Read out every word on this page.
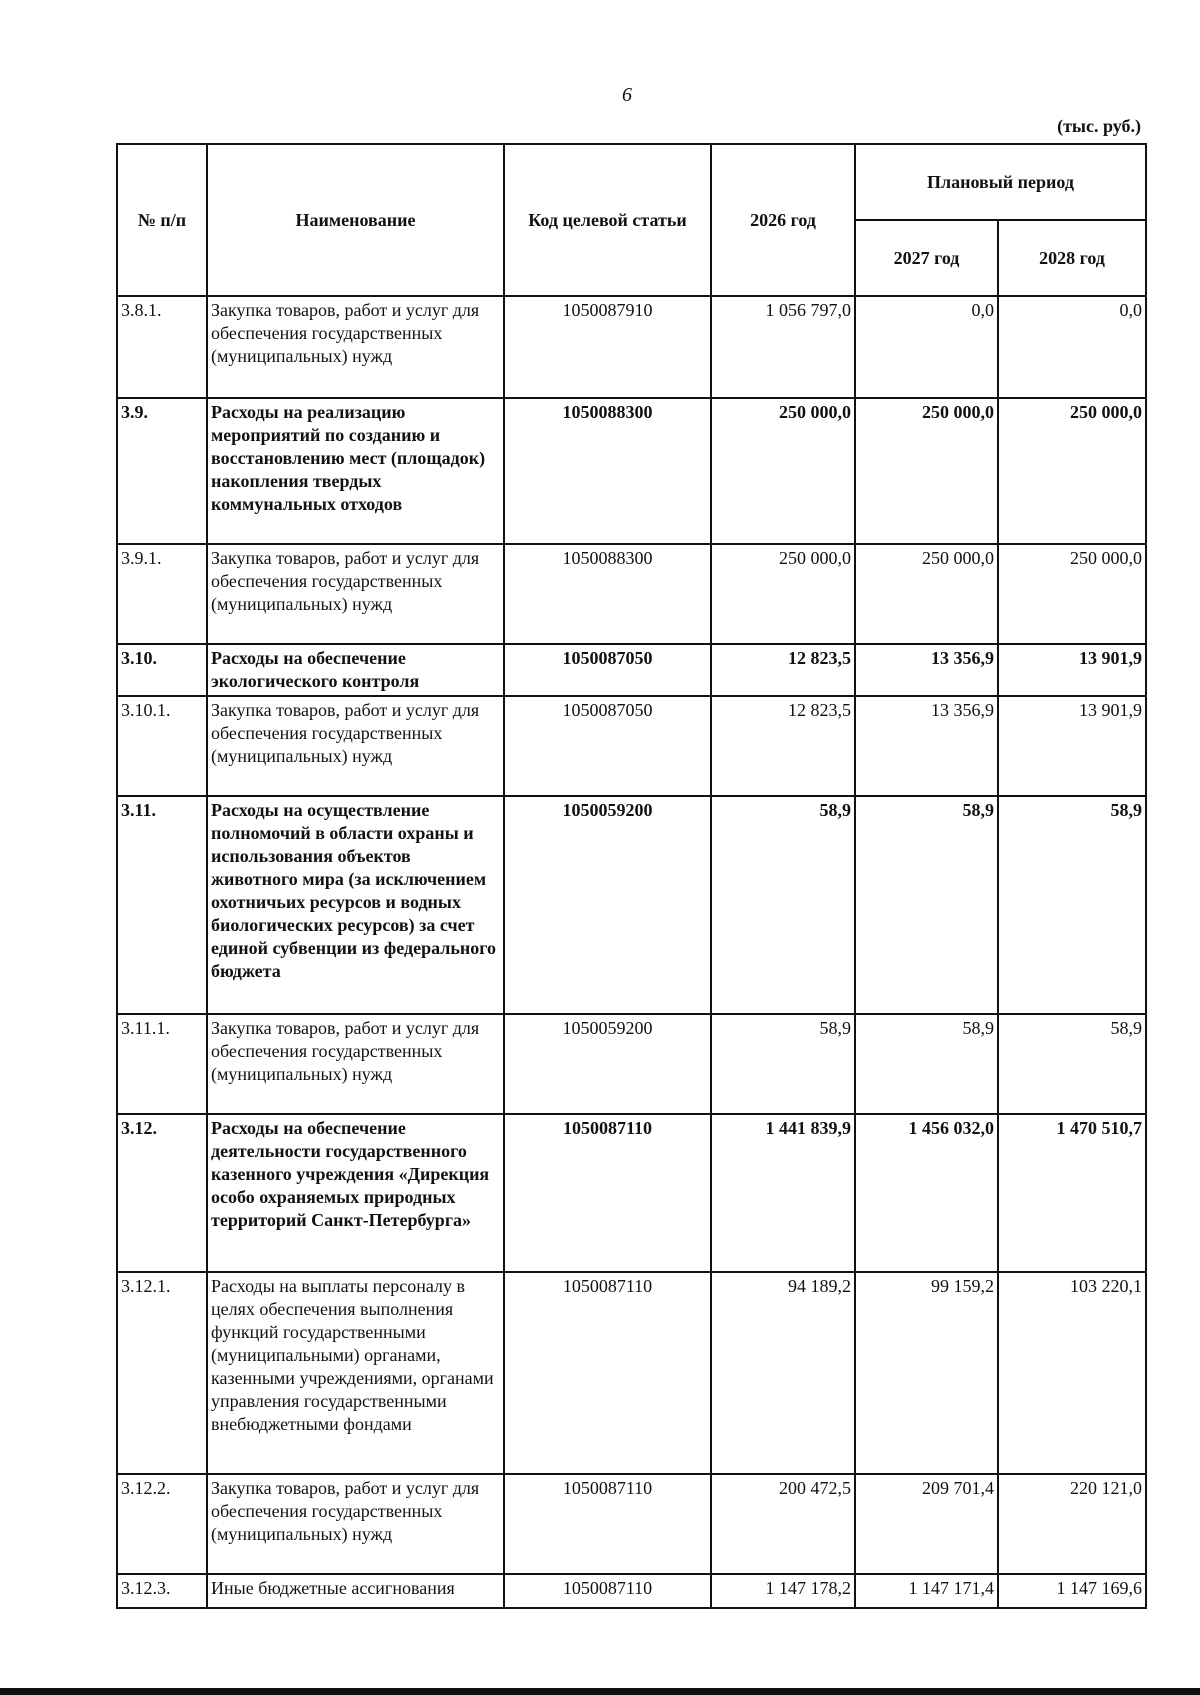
6
(тыс. руб.)
№ п/п	Наименование	Код целевой статьи	2026 год	Плановый период	
				2027 год	2028 год
3.8.1.	Закупка товаров, работ и услуг для обеспечения государственных (муниципальных) нужд	1050087910	1 056 797,0	0,0	0,0
3.9.	Расходы на реализацию мероприятий по созданию и восстановлению мест (площадок) накопления твердых коммунальных отходов	1050088300	250 000,0	250 000,0	250 000,0
3.9.1.	Закупка товаров, работ и услуг для обеспечения государственных (муниципальных) нужд	1050088300	250 000,0	250 000,0	250 000,0
3.10.	Расходы на обеспечение экологического контроля	1050087050	12 823,5	13 356,9	13 901,9
3.10.1.	Закупка товаров, работ и услуг для обеспечения государственных (муниципальных) нужд	1050087050	12 823,5	13 356,9	13 901,9
3.11.	Расходы на осуществление полномочий в области охраны и использования объектов животного мира (за исключением охотничьих ресурсов и водных биологических ресурсов) за счет единой субвенции из федерального бюджета	1050059200	58,9	58,9	58,9
3.11.1.	Закупка товаров, работ и услуг для обеспечения государственных (муниципальных) нужд	1050059200	58,9	58,9	58,9
3.12.	Расходы на обеспечение деятельности государственного казенного учреждения «Дирекция особо охраняемых природных территорий Санкт-Петербурга»	1050087110	1 441 839,9	1 456 032,0	1 470 510,7
3.12.1.	Расходы на выплаты персоналу в целях обеспечения выполнения функций государственными (муниципальными) органами, казенными учреждениями, органами управления государственными внебюджетными фондами	1050087110	94 189,2	99 159,2	103 220,1
3.12.2.	Закупка товаров, работ и услуг для обеспечения государственных (муниципальных) нужд	1050087110	200 472,5	209 701,4	220 121,0
3.12.3.	Иные бюджетные ассигнования	1050087110	1 147 178,2	1 147 171,4	1 147 169,6
